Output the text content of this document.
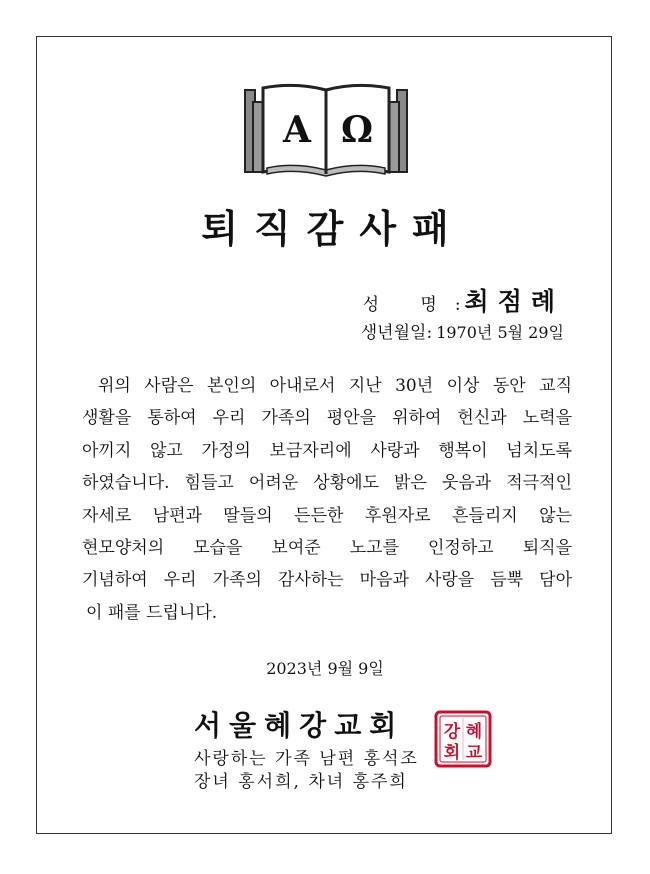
A Ω
퇴직감사패
성 명 : 최점례
생년월일 : 1970년 5월 29일
위의 사람은 본인의 아내로서 지난 30년 이상 동안 교직
생활을 통하여 우리 가족의 평안을 위하여 헌신과 노력을
아끼지 않고 가정의 보금자리에 사랑과 행복이 넘치도록
하였습니다. 힘들고 어려운 상황에도 밝은 웃음과 적극적인
자세로 남편과 딸들의 든든한 후원자로 흔들리지 않는
현모양처의 모습을 보여준 노고를 인정하고 퇴직을
기념하여 우리 가족의 감사하는 마음과 사랑을 듬뿍 담아
이 패를 드립니다.
2023년 9월 9일
서울혜강교회
사랑하는 가족 남편 홍석조
장녀 홍서희, 차녀 홍주희
혜
강
교
회
